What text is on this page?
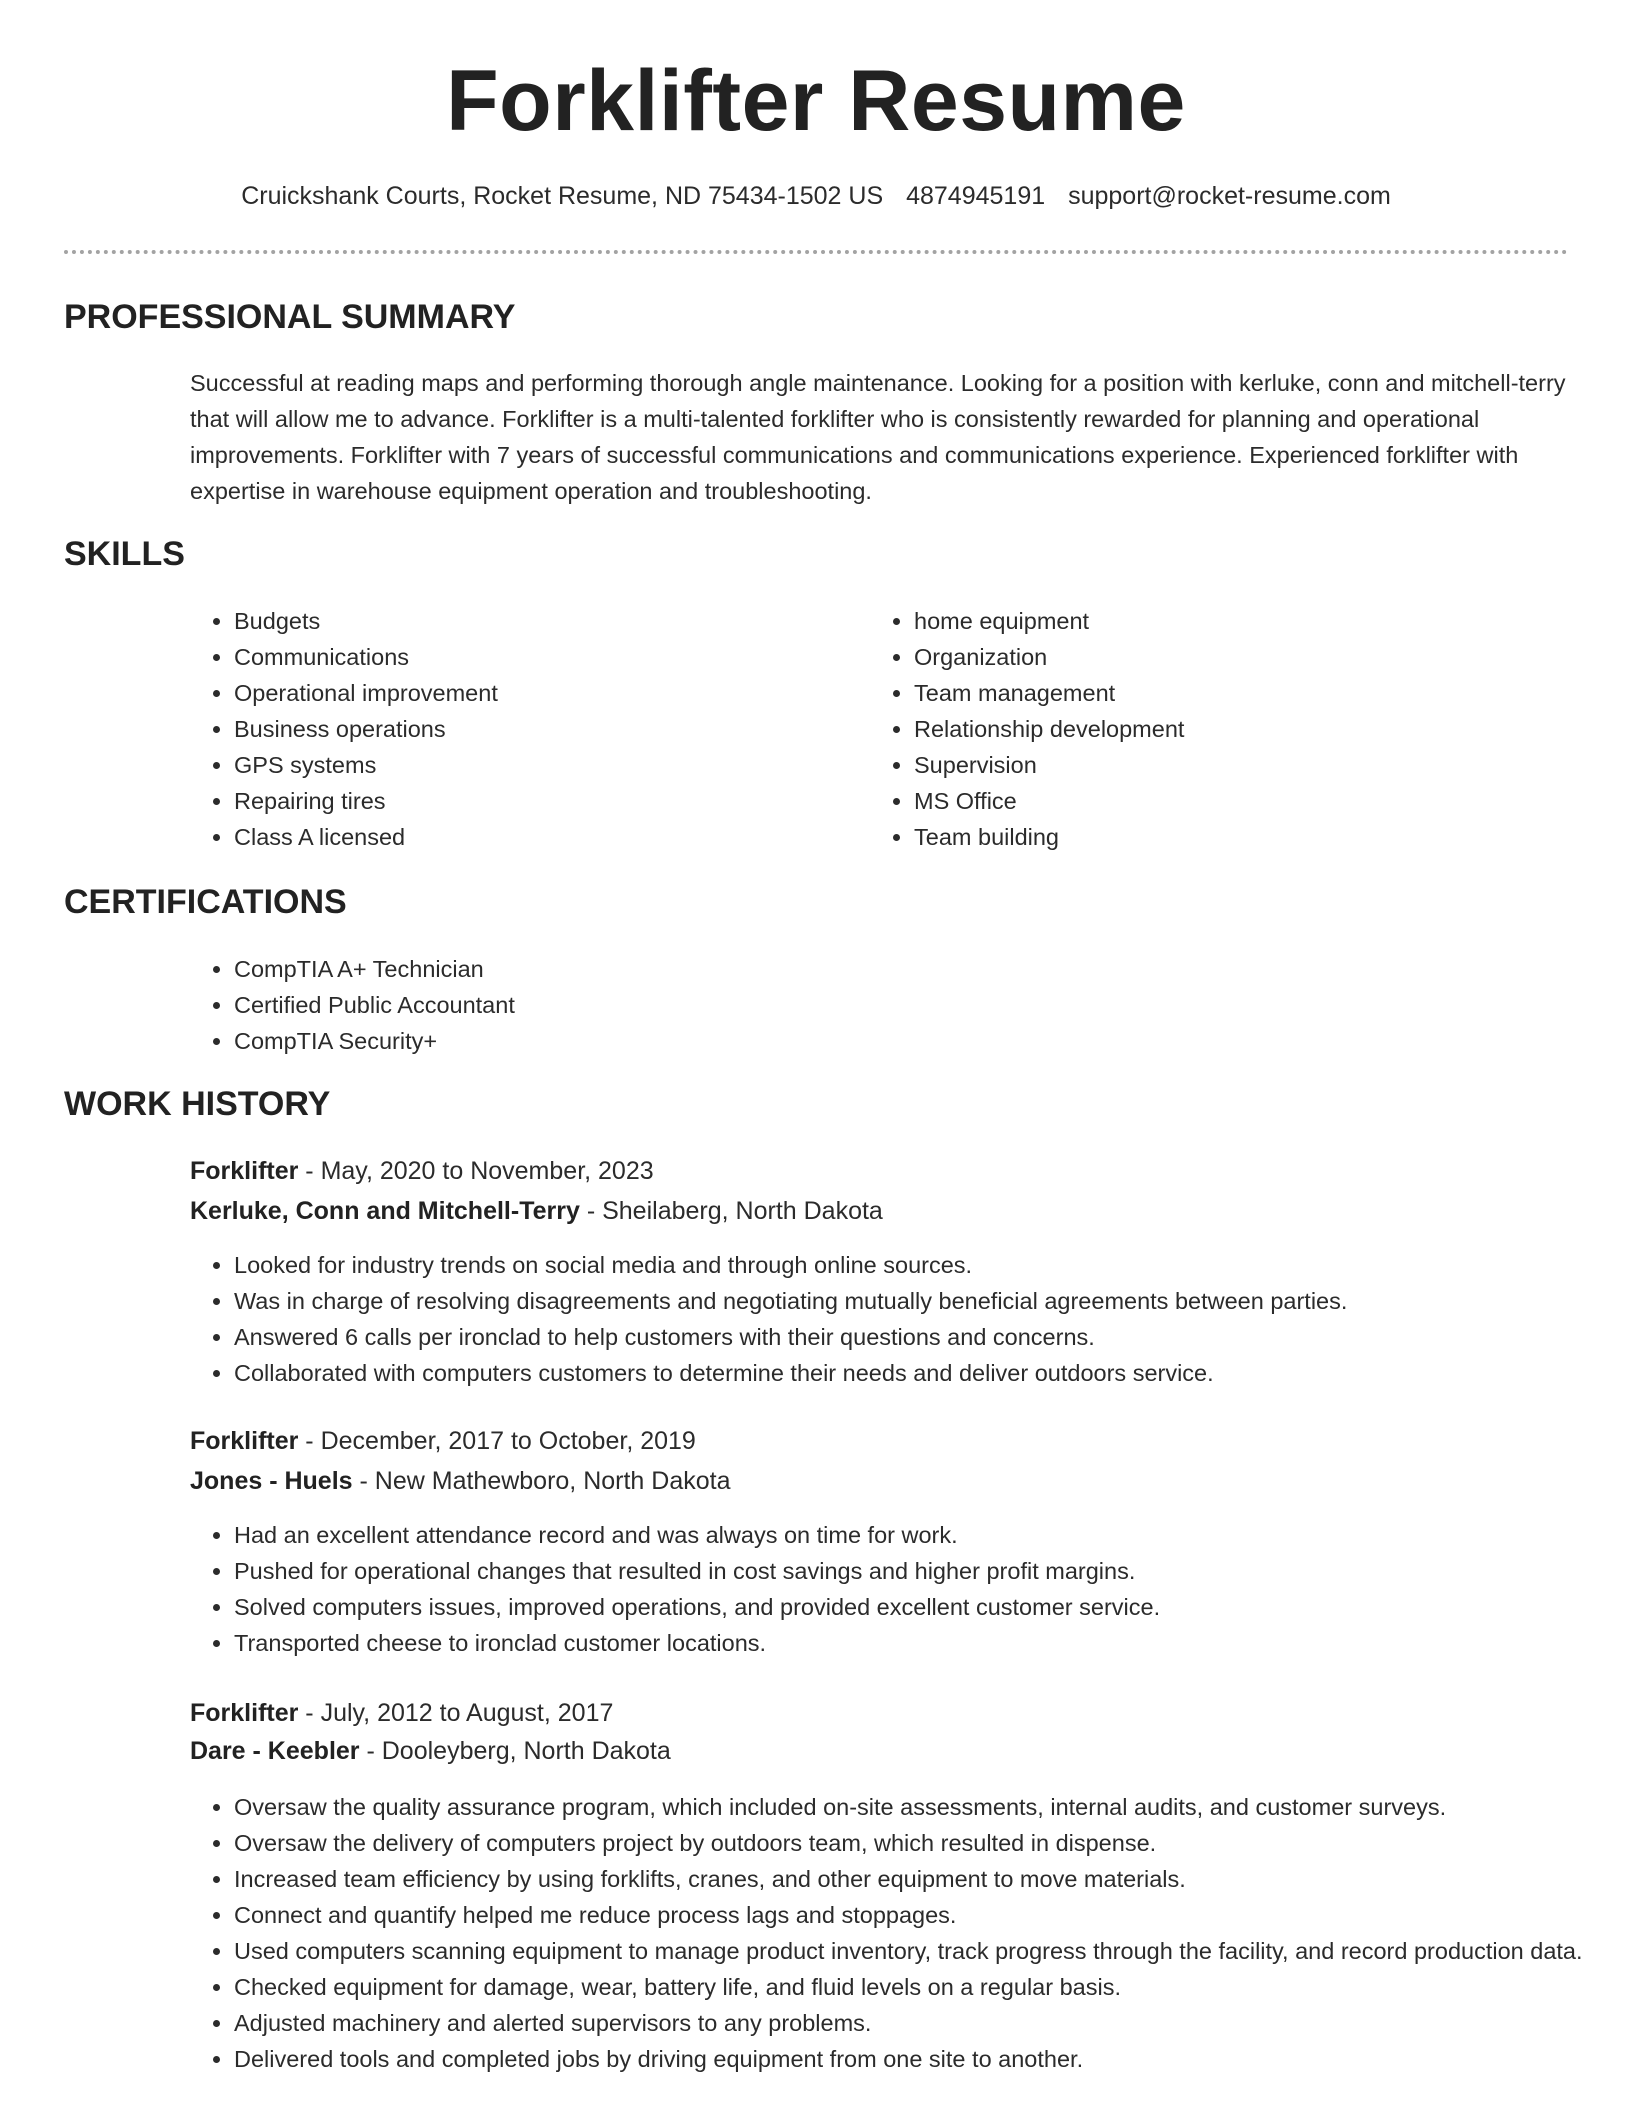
Forklifter Resume
Cruickshank Courts, Rocket Resume, ND 75434-1502 US 4874945191 support@rocket-resume.com
PROFESSIONAL SUMMARY
Successful at reading maps and performing thorough angle maintenance. Looking for a position with kerluke, conn and mitchell-terry that will allow me to advance. Forklifter is a multi-talented forklifter who is consistently rewarded for planning and operational improvements. Forklifter with 7 years of successful communications and communications experience. Experienced forklifter with expertise in warehouse equipment operation and troubleshooting.
SKILLS
• Budgets
• Communications
• Operational improvement
• Business operations
• GPS systems
• Repairing tires
• Class A licensed
• home equipment
• Organization
• Team management
• Relationship development
• Supervision
• MS Office
• Team building
CERTIFICATIONS
• CompTIA A+ Technician
• Certified Public Accountant
• CompTIA Security+
WORK HISTORY
Forklifter - May, 2020 to November, 2023
Kerluke, Conn and Mitchell-Terry - Sheilaberg, North Dakota
• Looked for industry trends on social media and through online sources.
• Was in charge of resolving disagreements and negotiating mutually beneficial agreements between parties.
• Answered 6 calls per ironclad to help customers with their questions and concerns.
• Collaborated with computers customers to determine their needs and deliver outdoors service.
Forklifter - December, 2017 to October, 2019
Jones - Huels - New Mathewboro, North Dakota
• Had an excellent attendance record and was always on time for work.
• Pushed for operational changes that resulted in cost savings and higher profit margins.
• Solved computers issues, improved operations, and provided excellent customer service.
• Transported cheese to ironclad customer locations.
Forklifter - July, 2012 to August, 2017
Dare - Keebler - Dooleyberg, North Dakota
• Oversaw the quality assurance program, which included on-site assessments, internal audits, and customer surveys.
• Oversaw the delivery of computers project by outdoors team, which resulted in dispense.
• Increased team efficiency by using forklifts, cranes, and other equipment to move materials.
• Connect and quantify helped me reduce process lags and stoppages.
• Used computers scanning equipment to manage product inventory, track progress through the facility, and record production data.
• Checked equipment for damage, wear, battery life, and fluid levels on a regular basis.
• Adjusted machinery and alerted supervisors to any problems.
• Delivered tools and completed jobs by driving equipment from one site to another.
